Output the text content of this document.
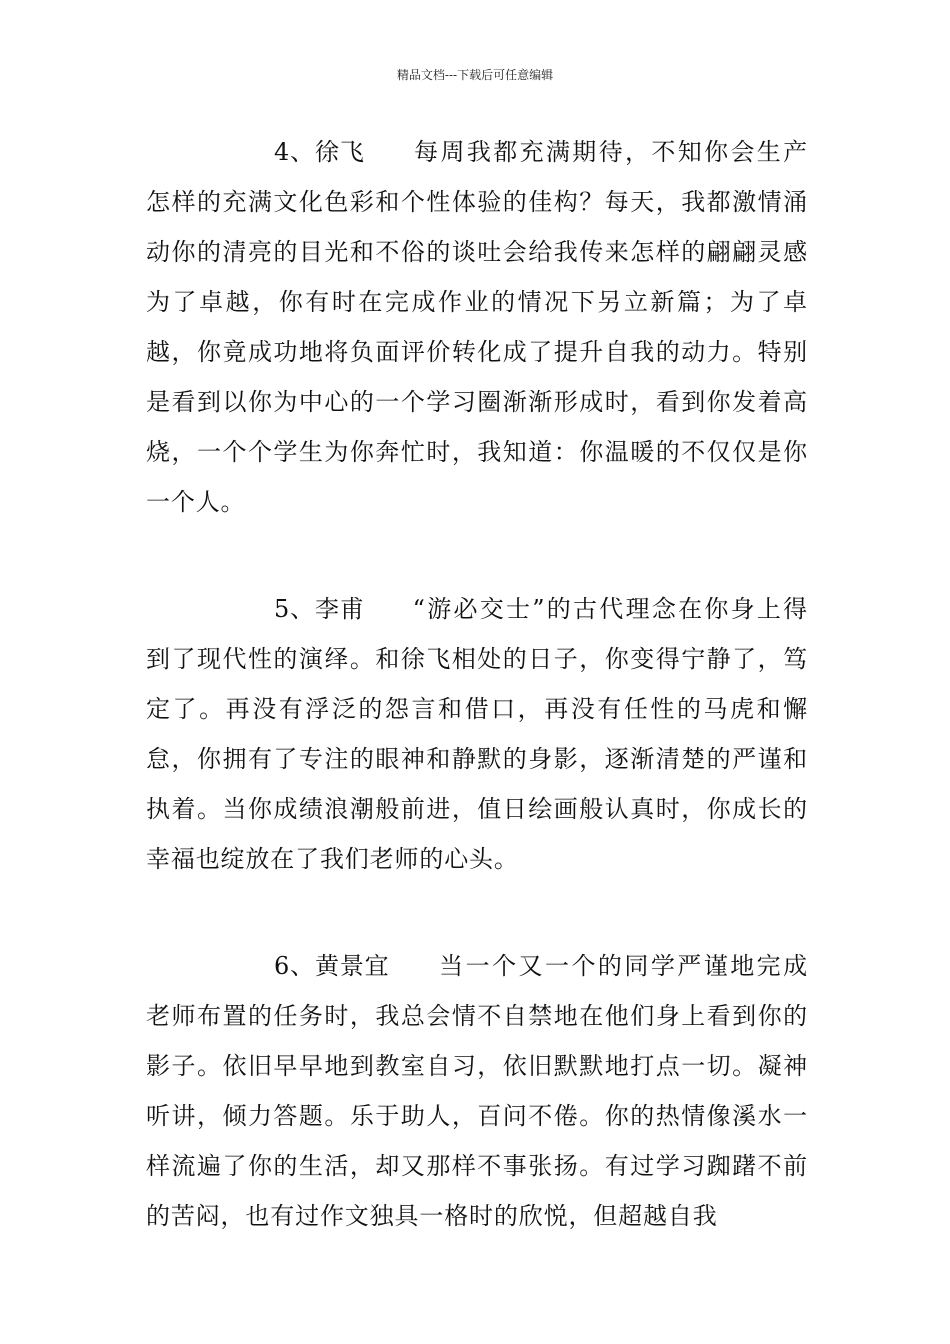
精品文档---下载后可任意编辑

4、徐飞 每周我都充满期待，不知你会生产怎样的充满文化色彩和个性体验的佳构？每天，我都激情涌动你的清亮的目光和不俗的谈吐会给我传来怎样的翩翩灵感为了卓越，你有时在完成作业的情况下另立新篇；为了卓越，你竟成功地将负面评价转化成了提升自我的动力。特别是看到以你为中心的一个学习圈渐渐形成时，看到你发着高烧，一个个学生为你奔忙时，我知道：你温暖的不仅仅是你一个人。

5、李甫 “游必交士”的古代理念在你身上得到了现代性的演绎。和徐飞相处的日子，你变得宁静了，笃定了。再没有浮泛的怨言和借口，再没有任性的马虎和懈怠，你拥有了专注的眼神和静默的身影，逐渐清楚的严谨和执着。当你成绩浪潮般前进，值日绘画般认真时，你成长的幸福也绽放在了我们老师的心头。

6、黄景宜 当一个又一个的同学严谨地完成老师布置的任务时，我总会情不自禁地在他们身上看到你的影子。依旧早早地到教室自习，依旧默默地打点一切。凝神听讲，倾力答题。乐于助人，百问不倦。你的热情像溪水一样流遍了你的生活，却又那样不事张扬。有过学习踟躇不前的苦闷，也有过作文独具一格时的欣悦，但超越自我
